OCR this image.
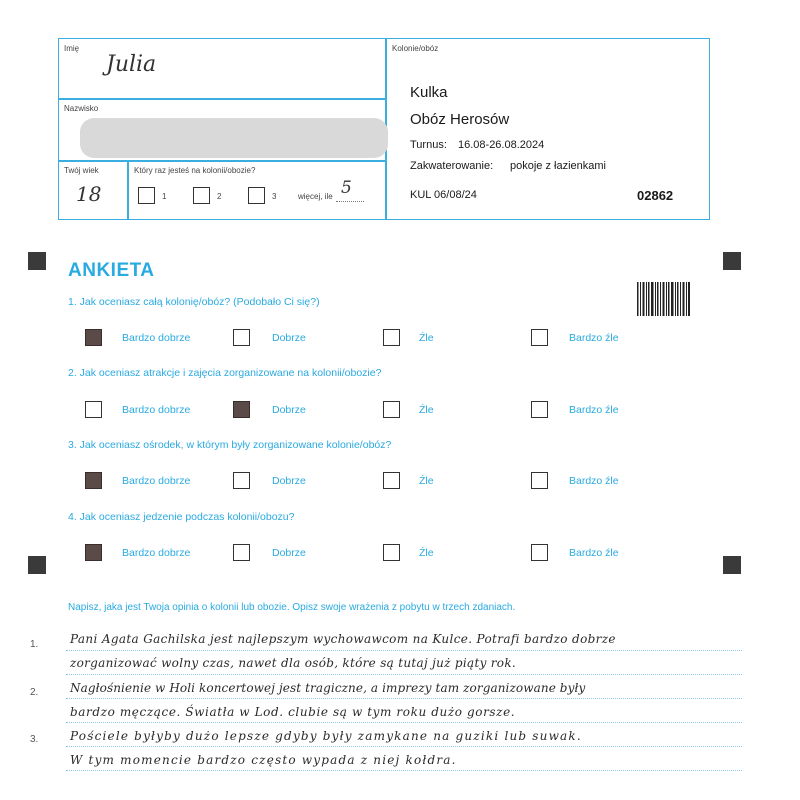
Imię
Julia
Nazwisko
Twój wiek
18
Który raz jesteś na kolonii/obozie?
1	2	3	więcej, ile 5
Kolonie/obóz
Kulka
Obóz Herosów
Turnus: 16.08-26.08.2024
Zakwaterowanie: pokoje z łazienkami
KUL 06/08/24	02862
ANKIETA
1. Jak oceniasz całą kolonię/obóz? (Podobało Ci się?)
Bardzo dobrze	Dobrze	Źle	Bardzo źle
2. Jak oceniasz atrakcje i zajęcia zorganizowane na kolonii/obozie?
Bardzo dobrze	Dobrze	Źle	Bardzo źle
3. Jak oceniasz ośrodek, w którym były zorganizowane kolonie/obóz?
Bardzo dobrze	Dobrze	Źle	Bardzo źle
4. Jak oceniasz jedzenie podczas kolonii/obozu?
Bardzo dobrze	Dobrze	Źle	Bardzo źle
Napisz, jaka jest Twoja opinia o kolonii lub obozie. Opisz swoje wrażenia z pobytu w trzech zdaniach.
1.
2.
3.
Pani Agata Gachilska jest najlepszym wychowawcom na Kulce. Potrafi bardzo dobrze
zorganizować wolny czas, nawet dla osób, które są tutaj już piąty rok.
Nagłośnienie w Holi koncertowej jest tragiczne, a imprezy tam zorganizowane były
bardzo męczące. Światła w Lod. clubie są w tym roku dużo gorsze.
Pościele byłyby dużo lepsze gdyby były zamykane na guziki lub suwak.
W tym momencie bardzo często wypada z niej kołdra.
